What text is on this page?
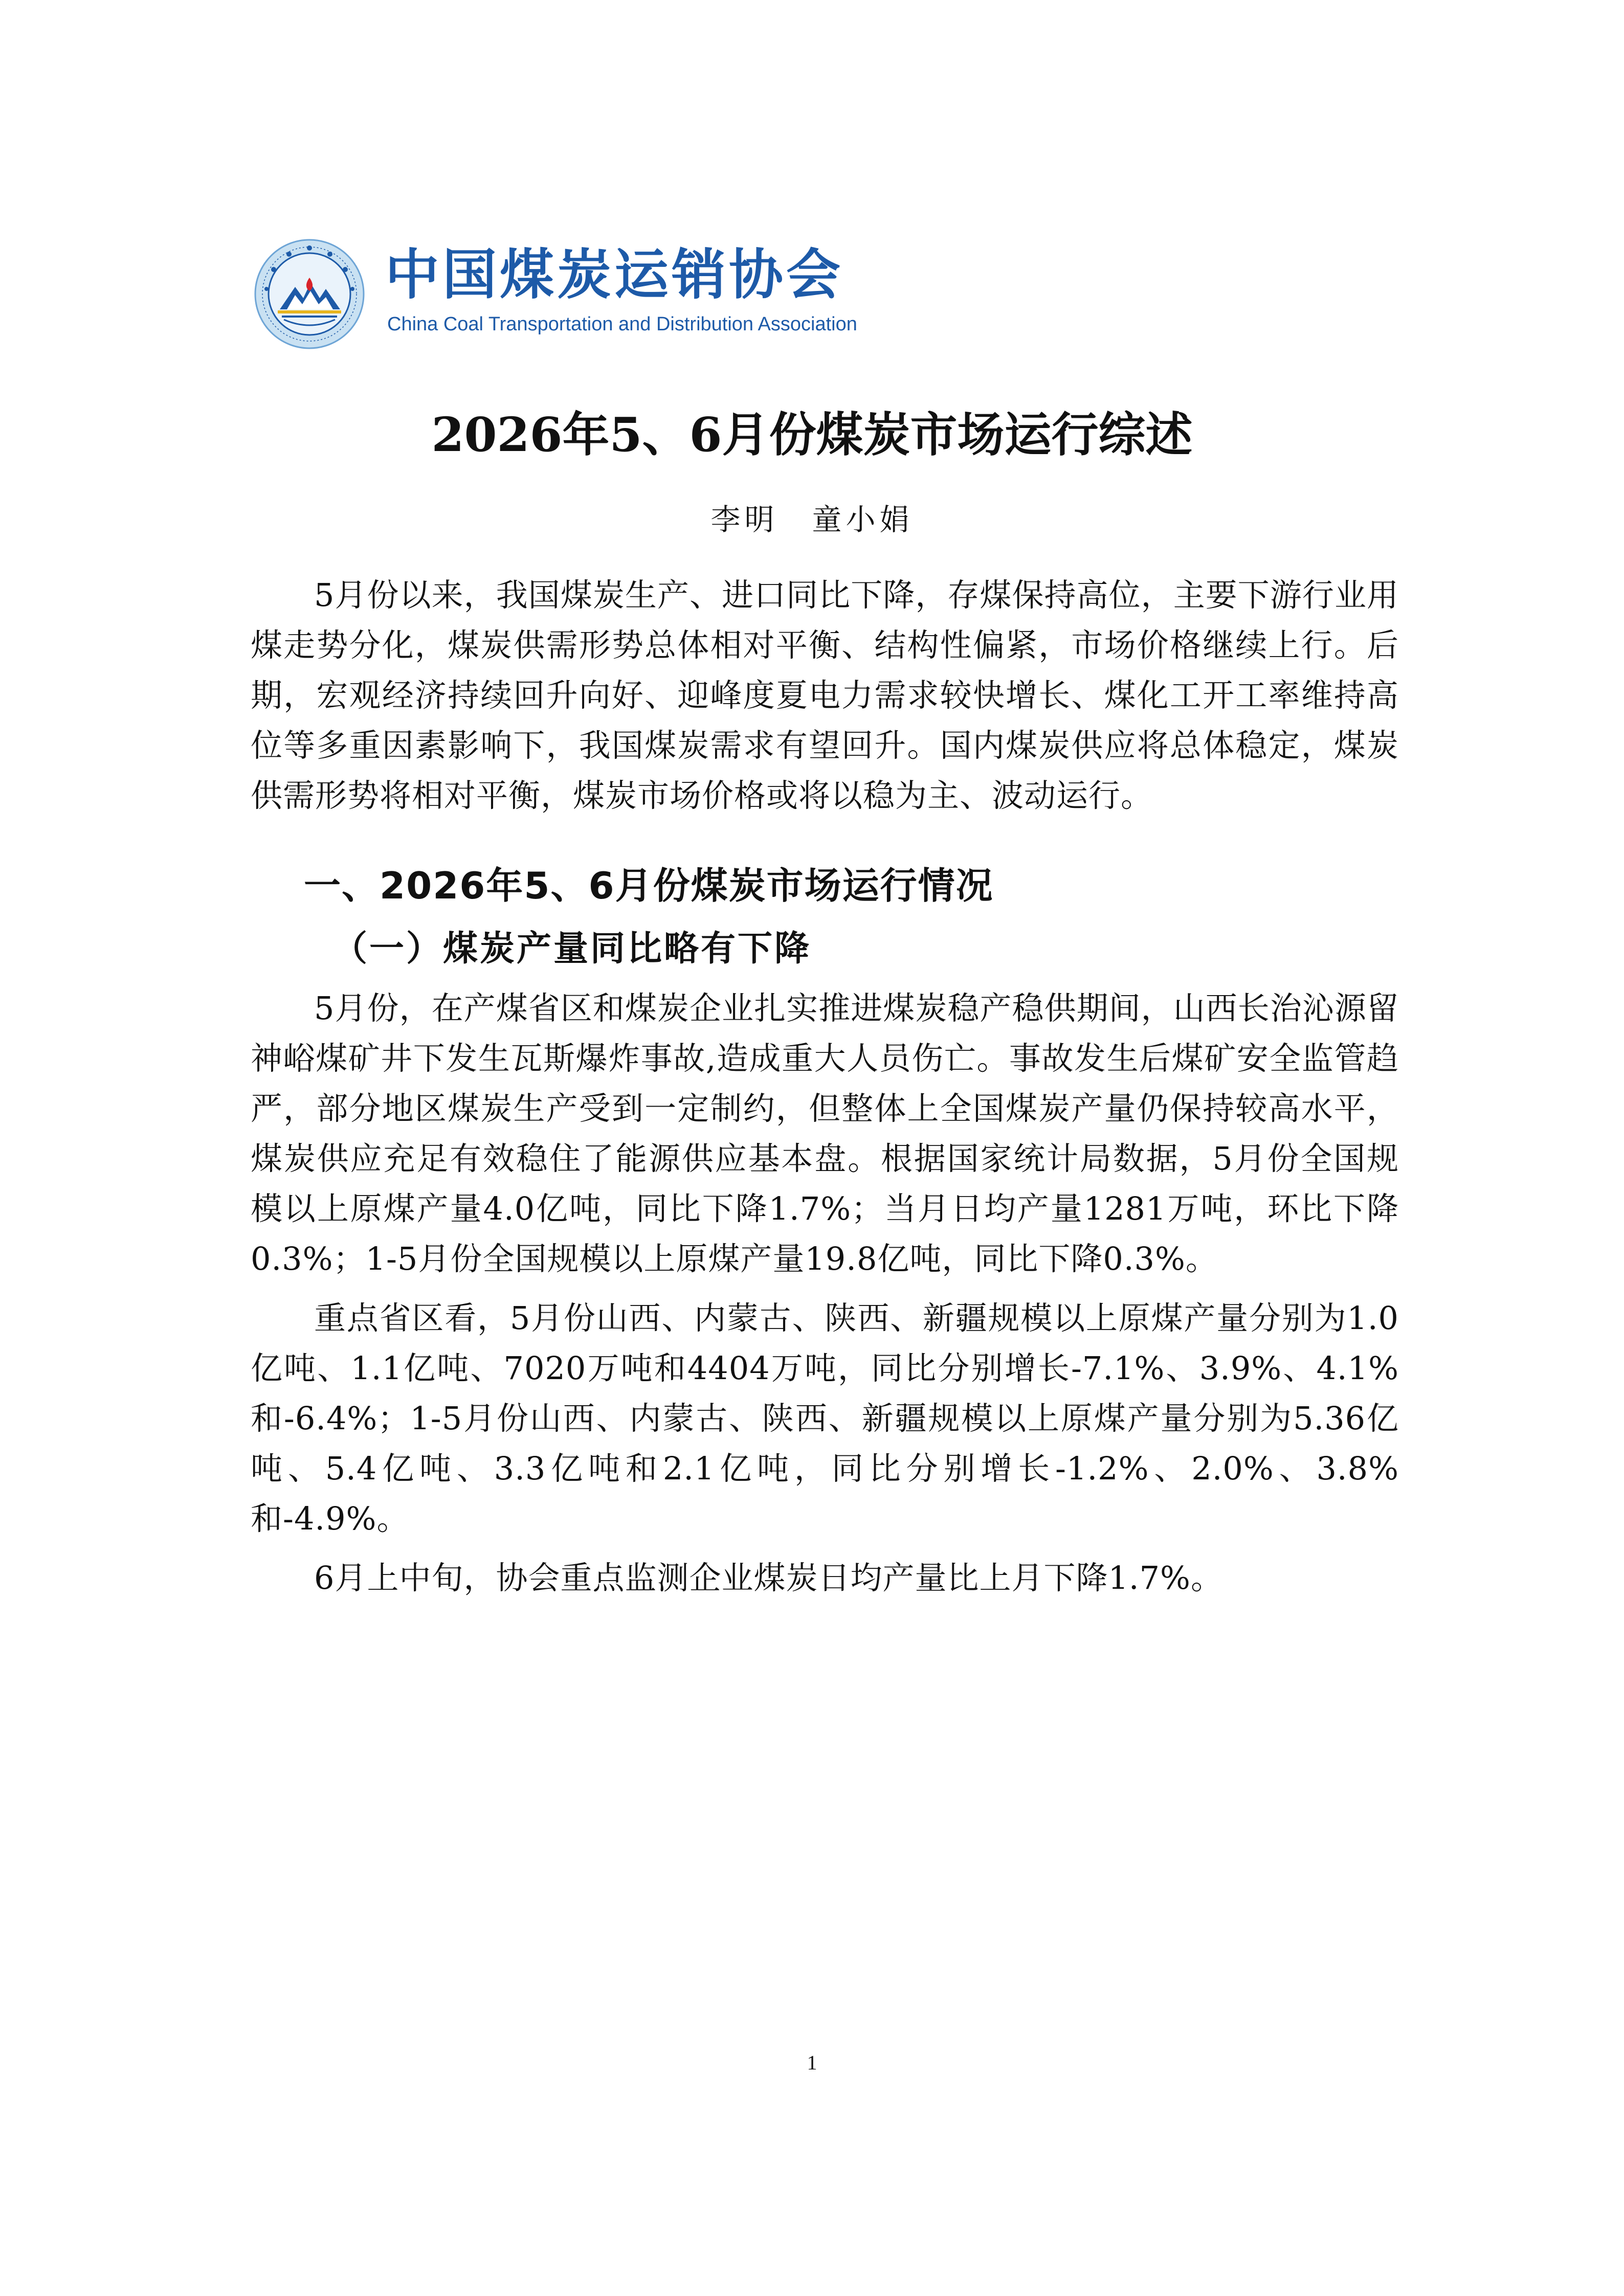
中国煤炭运销协会
China Coal Transportation and Distribution Association
2026年5、6月份煤炭市场运行综述
李明　童小娟

5月份以来，我国煤炭生产、进口同比下降，存煤保持高位，主要下游行业用煤走势分化，煤炭供需形势总体相对平衡、结构性偏紧，市场价格继续上行。后期，宏观经济持续回升向好、迎峰度夏电力需求较快增长、煤化工开工率维持高位等多重因素影响下，我国煤炭需求有望回升。国内煤炭供应将总体稳定，煤炭供需形势将相对平衡，煤炭市场价格或将以稳为主、波动运行。

一、2026年5、6月份煤炭市场运行情况
（一）煤炭产量同比略有下降

5月份，在产煤省区和煤炭企业扎实推进煤炭稳产稳供期间，山西长治沁源留神峪煤矿井下发生瓦斯爆炸事故,造成重大人员伤亡。事故发生后煤矿安全监管趋严，部分地区煤炭生产受到一定制约，但整体上全国煤炭产量仍保持较高水平，煤炭供应充足有效稳住了能源供应基本盘。根据国家统计局数据，5月份全国规模以上原煤产量4.0亿吨，同比下降1.7%；当月日均产量1281万吨，环比下降0.3%；1-5月份全国规模以上原煤产量19.8亿吨，同比下降0.3%。

重点省区看，5月份山西、内蒙古、陕西、新疆规模以上原煤产量分别为1.0亿吨、1.1亿吨、7020万吨和4404万吨，同比分别增长-7.1%、3.9%、4.1%和-6.4%；1-5月份山西、内蒙古、陕西、新疆规模以上原煤产量分别为5.36亿吨、5.4亿吨、3.3亿吨和2.1亿吨，同比分别增长-1.2%、2.0%、3.8%和-4.9%。

6月上中旬，协会重点监测企业煤炭日均产量比上月下降1.7%。

1
